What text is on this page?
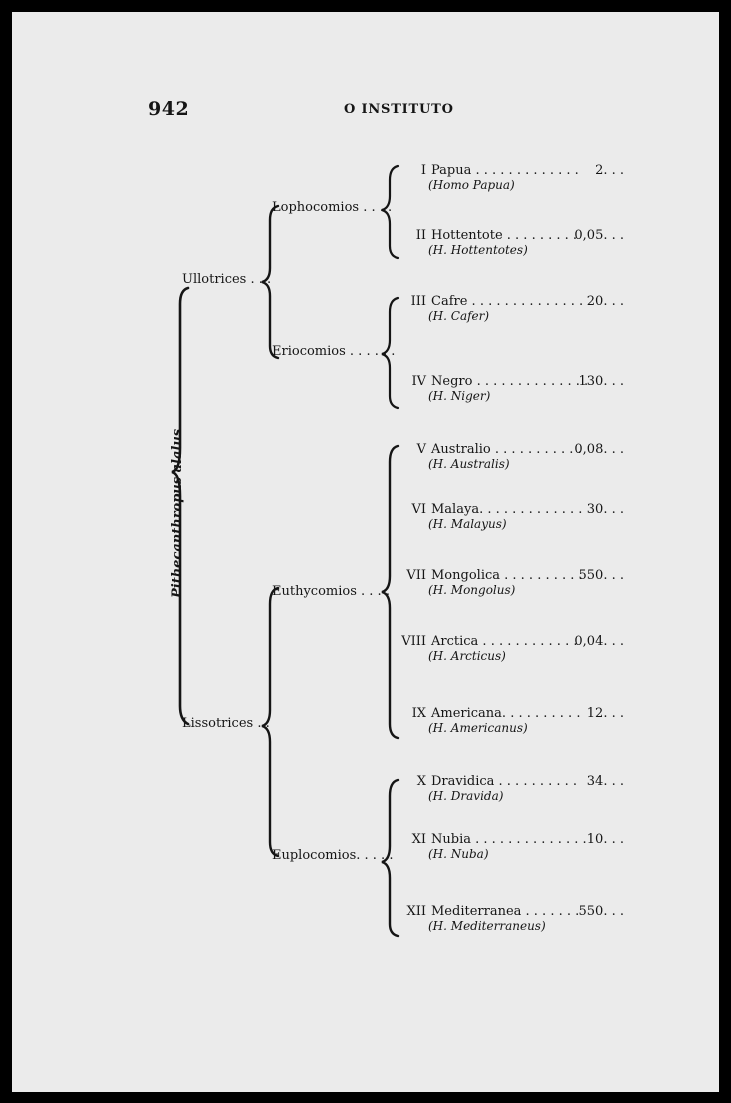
942	O INSTITUTO
Pithecanthropus alalus
Ullotrices . . .
Lissotrices . .
Lophocomios . . . .
Eriocomios . . . . . .
Euthycomios . . . .
Euplocomios. . . . .
I Papua . . . . . . . . . . . . .	2. . .
(Homo Papua)
II Hottentote . . . . . . . . .
0,05. . .
(H. Hottentotes)
III Cafre . . . . . . . . . . . . . . 20. . .
(H. Cafer)
IV Negro . . . . . . . . . . . . . .
130. . .
(H. Niger)
V Australio . . . . . . . . . . .
0,08. . .
(H. Australis)
VI Malaya. . . . . . . . . . . . . 30. . .
(H. Malayus)
VII Mongolica . . . . . . . . . .
550. . .
(H. Mongolus)
VIII Arctica . . . . . . . . . . . .
0,04. . .
(H. Arcticus)
IX Americana. . . . . . . . . . 12. . .
(H. Americanus)
X Dravidica . . . . . . . . . . 34. . .
(H. Dravida)
XI Nubia . . . . . . . . . . . . . . 10. . .
(H. Nuba)
XII Mediterranea . . . . . . . 550. . .
(H. Mediterraneus)
